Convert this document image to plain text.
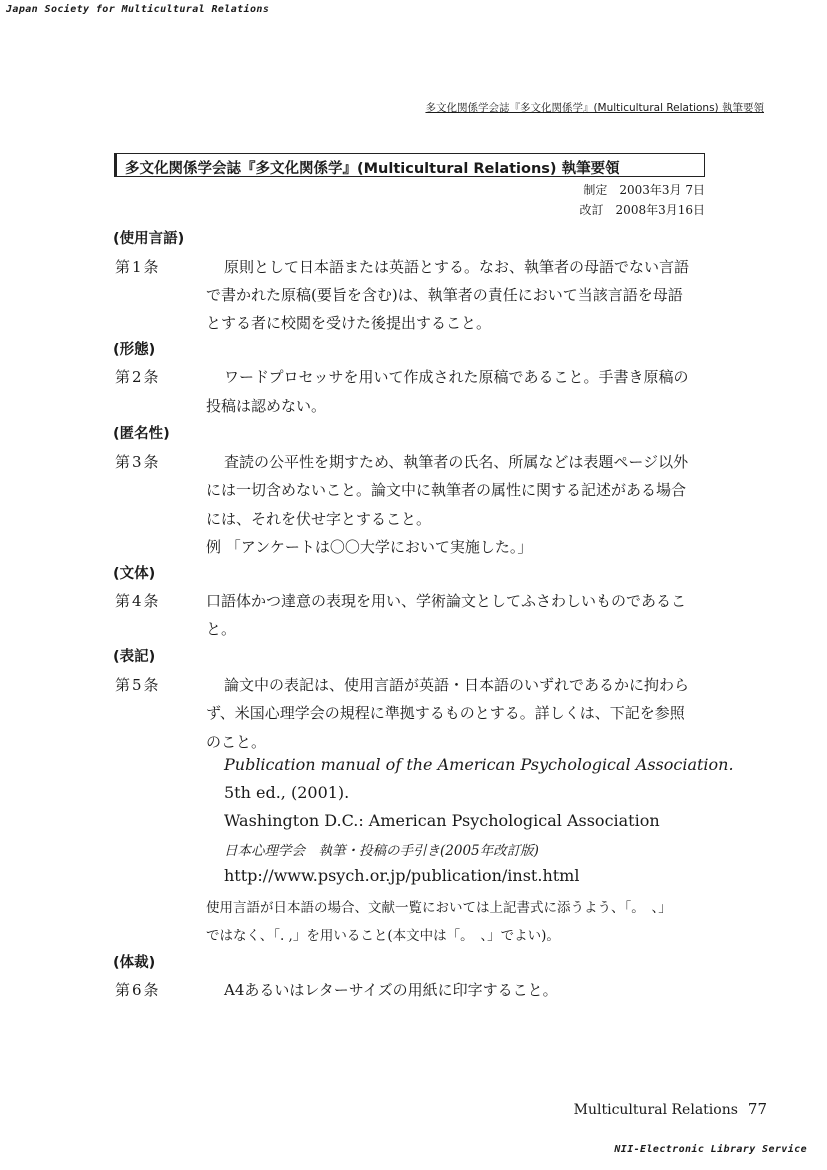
Japan Society for Multicultural Relations
多文化関係学会誌『多文化関係学』(Multicultural Relations) 執筆要領
多文化関係学会誌『多文化関係学』(Multicultural Relations) 執筆要領
制定　2003年3月 7日
改訂　2008年3月16日
(使用言語)
第1条	原則として日本語または英語とする。なお、執筆者の母語でない言語
で書かれた原稿(要旨を含む)は、執筆者の責任において当該言語を母語
とする者に校閲を受けた後提出すること。
(形態)
第2条	ワードプロセッサを用いて作成された原稿であること。手書き原稿の
投稿は認めない。
(匿名性)
第3条	査読の公平性を期すため、執筆者の氏名、所属などは表題ページ以外
には一切含めないこと。論文中に執筆者の属性に関する記述がある場合
には、それを伏せ字とすること。
例 「アンケートは〇〇大学において実施した。」
(文体)
第4条	口語体かつ達意の表現を用い、学術論文としてふさわしいものであるこ
と。
(表記)
第5条	論文中の表記は、使用言語が英語・日本語のいずれであるかに拘わら
ず、米国心理学会の規程に準拠するものとする。詳しくは、下記を参照
のこと。
Publication manual of the American Psychological Association.
5th ed., (2001).
Washington D.C.: American Psychological Association
日本心理学会　執筆・投稿の手引き(2005年改訂版)
http://www.psych.or.jp/publication/inst.html
使用言語が日本語の場合、文献一覧においては上記書式に添うよう、「。　、」
ではなく、「. ,」を用いること(本文中は「。　、」でよい)。
(体裁)
第6条	A4あるいはレターサイズの用紙に印字すること。
Multicultural Relations 77
NII-Electronic Library Service
